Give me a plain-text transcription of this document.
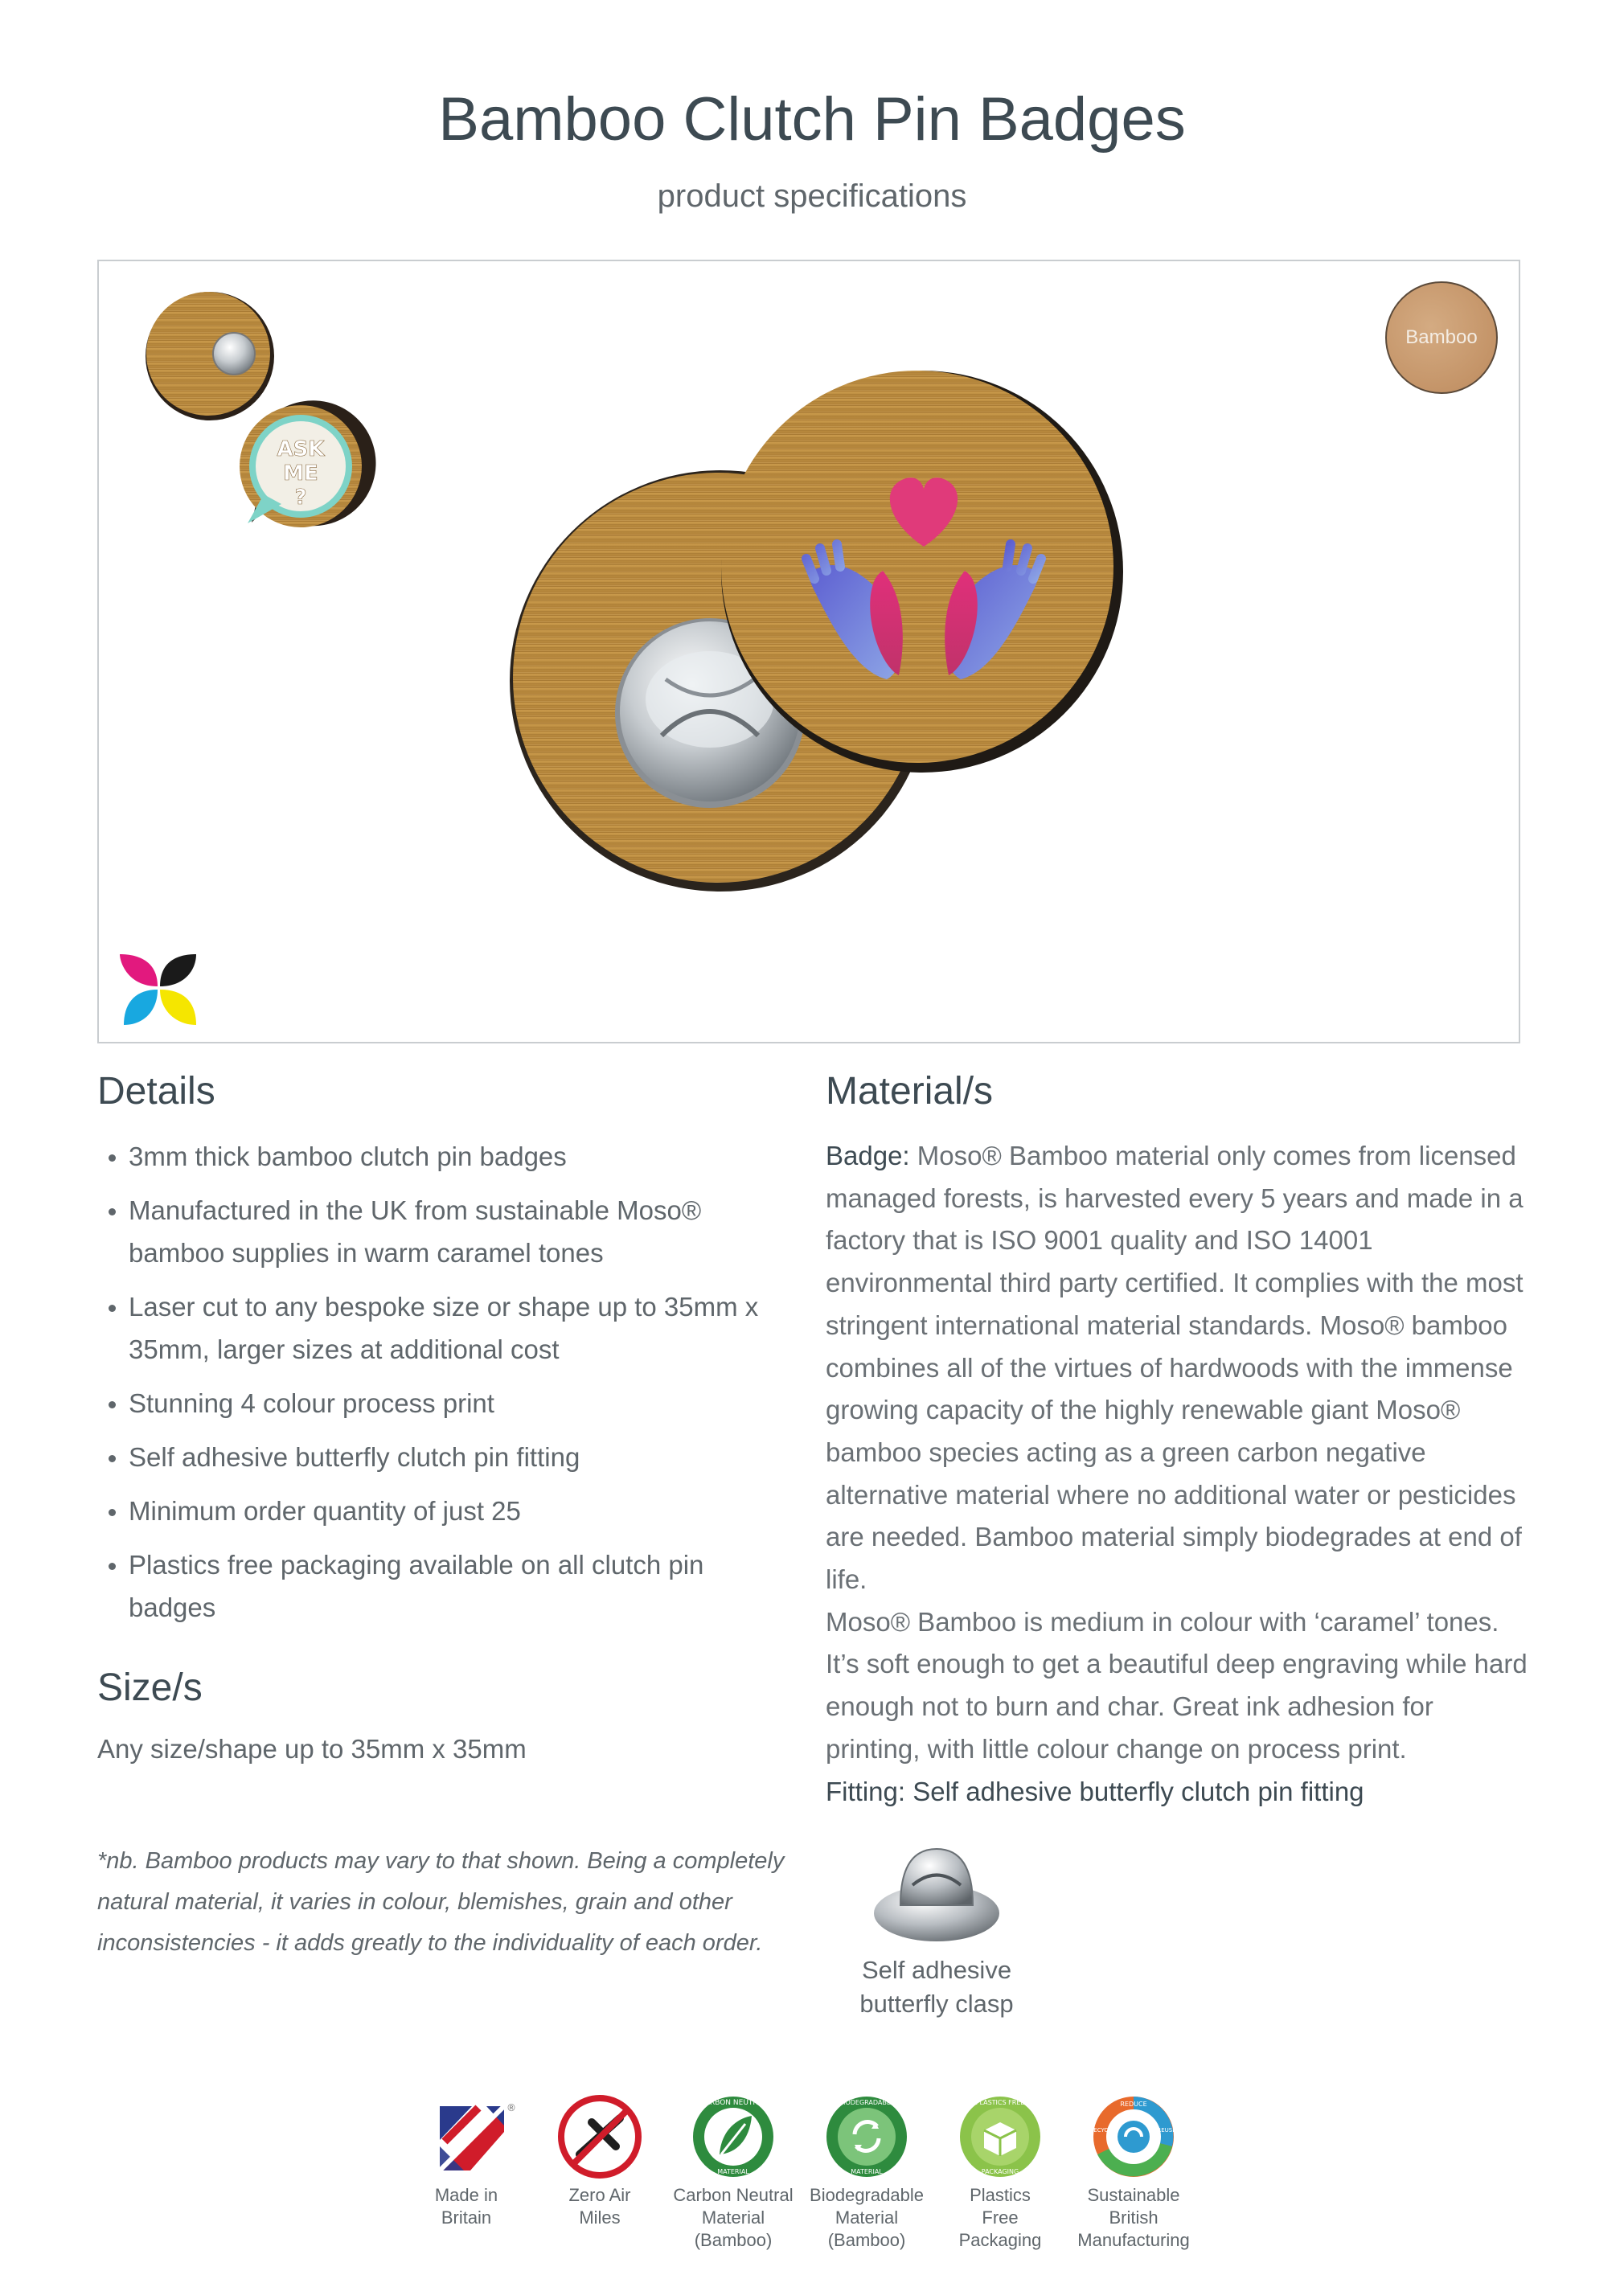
Bamboo Clutch Pin Badges
product specifications
ASK
ME
?
Bamboo
Details
3mm thick bamboo clutch pin badges
Manufactured in the UK from sustainable Moso® bamboo supplies in warm caramel tones
Laser cut to any bespoke size or shape up to 35mm x 35mm, larger sizes at additional cost
Stunning 4 colour process print
Self adhesive butterfly clutch pin fitting
Minimum order quantity of just 25
Plastics free packaging available on all clutch pin badges
Size/s
Any size/shape up to 35mm x 35mm
Material/s

Badge: Moso® Bamboo material only comes from licensed managed forests, is harvested every 5 years and made in a factory that is ISO 9001 quality and ISO 14001 environmental third party certified. It complies with the most stringent international material standards. Moso® bamboo combines all of the virtues of hardwoods with the immense growing capacity of the highly renewable giant Moso® bamboo species acting as a green carbon negative alternative material where no additional water or pesticides are needed. Bamboo material simply biodegrades at end of life.

Moso® Bamboo is medium in colour with ‘caramel’ tones. It’s soft enough to get a beautiful deep engraving while hard enough not to burn and char. Great ink adhesion for printing, with little colour change on process print.

Fitting: Self adhesive butterfly clutch pin fitting

*nb. Bamboo products may vary to that shown. Being a completely natural material, it varies in colour, blemishes, grain and other inconsistencies - it adds greatly to the individuality of each order.
Self adhesive
butterfly clasp
®
Made in
Britain
Zero Air
Miles
CARBON NEUTRAL
MATERIAL
Carbon Neutral
Material
(Bamboo)
BIODEGRADABLE
MATERIAL
Biodegradable
Material
(Bamboo)
PLASTICS FREE
PACKAGING
Plastics
Free
Packaging
REDUCE
REUSE
RECYCLE
Sustainable
British
Manufacturing
